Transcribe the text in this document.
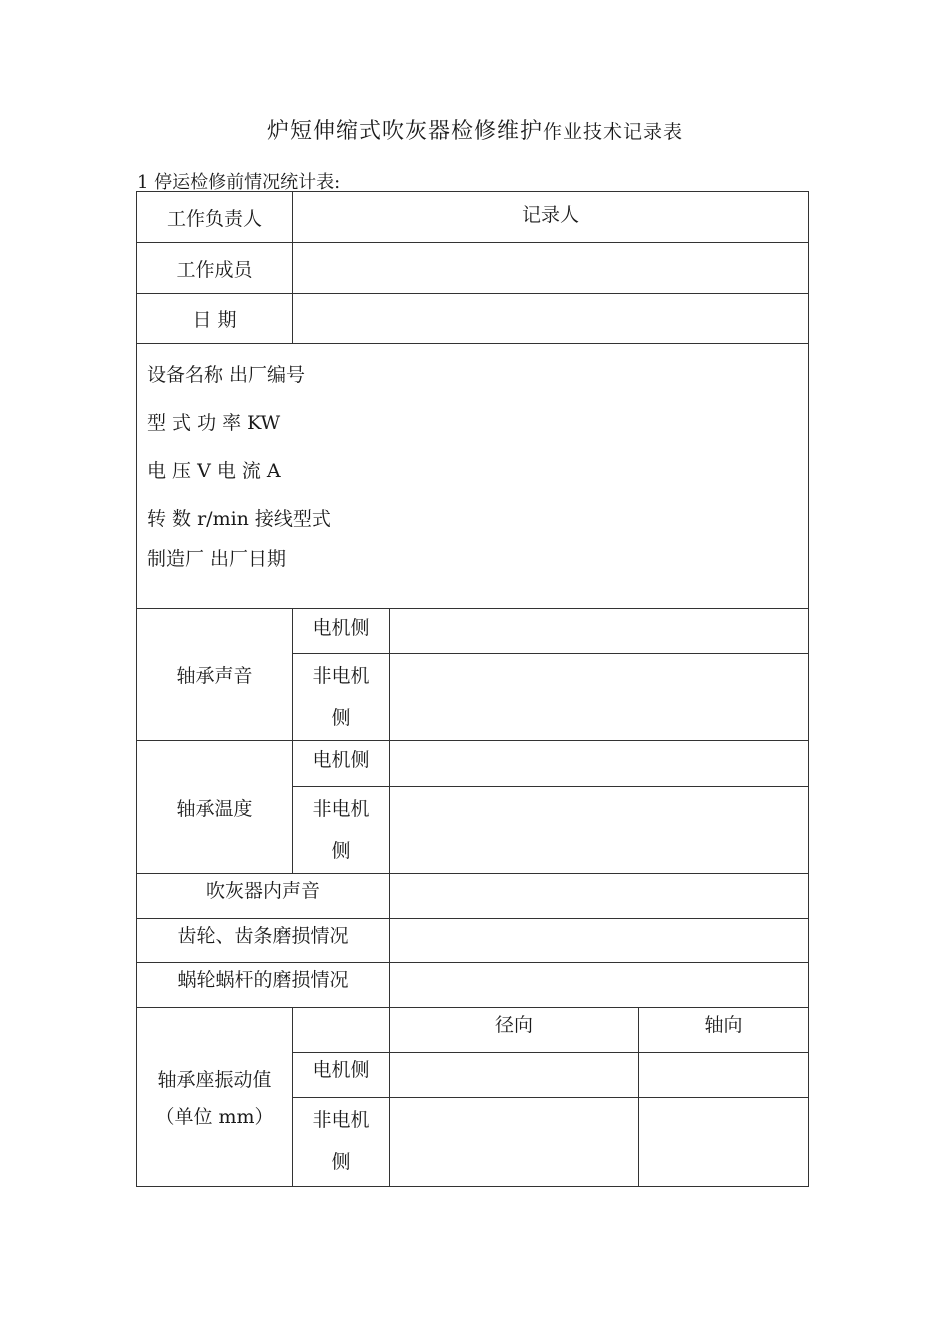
炉短伸缩式吹灰器检修维护作业技术记录表
1 停运检修前情况统计表:
工作负责人	记录人		
工作成员			
日 期			

设备名称 出厂编号
型 式 功 率 KW
电 压 V 电 流 A
转 数 r/min 接线型式
制造厂 出厂日期			

轴承声音	电机侧		

	非电机
侧		

轴承温度	电机侧		

	非电机
侧		

吹灰器内声音			
齿轮、齿条磨损情况			
蜗轮蜗杆的磨损情况			

轴承座振动值
（单位 mm）		径向	轴向
	电机侧		

	非电机
侧		
